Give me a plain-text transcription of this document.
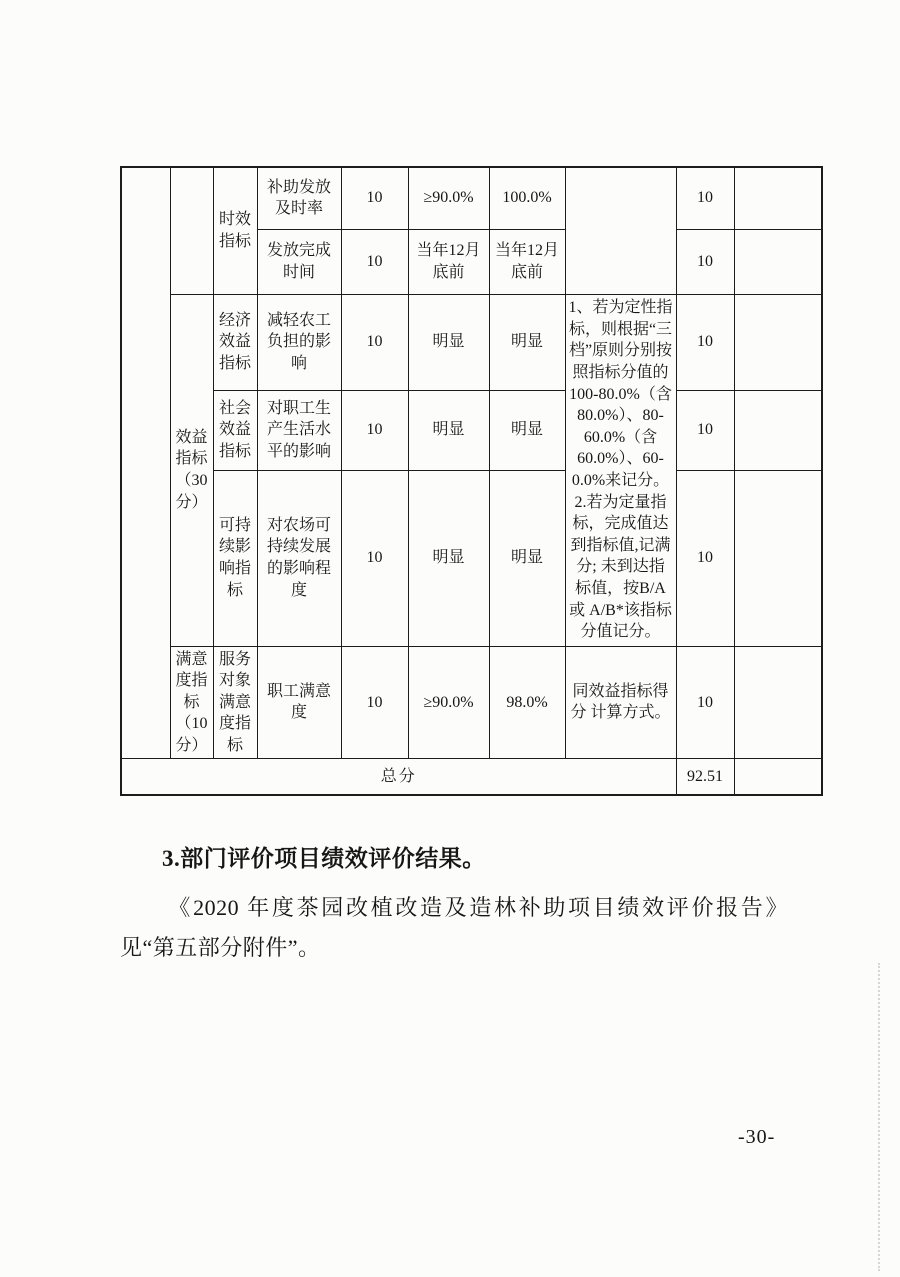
		时效指标	补助发放及时率	10	≥90.0%	100.0%		10	
			发放完成时间	10	当年12月底前	当年12月底前		10	
	效益指标（30分）	经济效益指标	减轻农工负担的影响	10	明显	明显	1、若为定性指标，则根据“三档”原则分别按照指标分值的100-80.0%（含80.0%）、80-60.0%（含60.0%）、60-0.0%来记分。 2.若为定量指标，完成值达到指标值,记满分; 未到达指标值，按B/A 或 A/B*该指标分值记分。	10	
		社会效益指标	对职工生产生活水平的影响	10	明显	明显		10	
		可持续影响指标	对农场可持续发展的影响程度	10	明显	明显		10	
	满意度指标（10分）	服务对象满意度指标	职工满意度	10	≥90.0%	98.0%	同效益指标得分 计算方式。	10	
总分								92.51	
3.部门评价项目绩效评价结果。
《2020 年度茶园改植改造及造林补助项目绩效评价报告》见“第五部分附件”。
-30-
